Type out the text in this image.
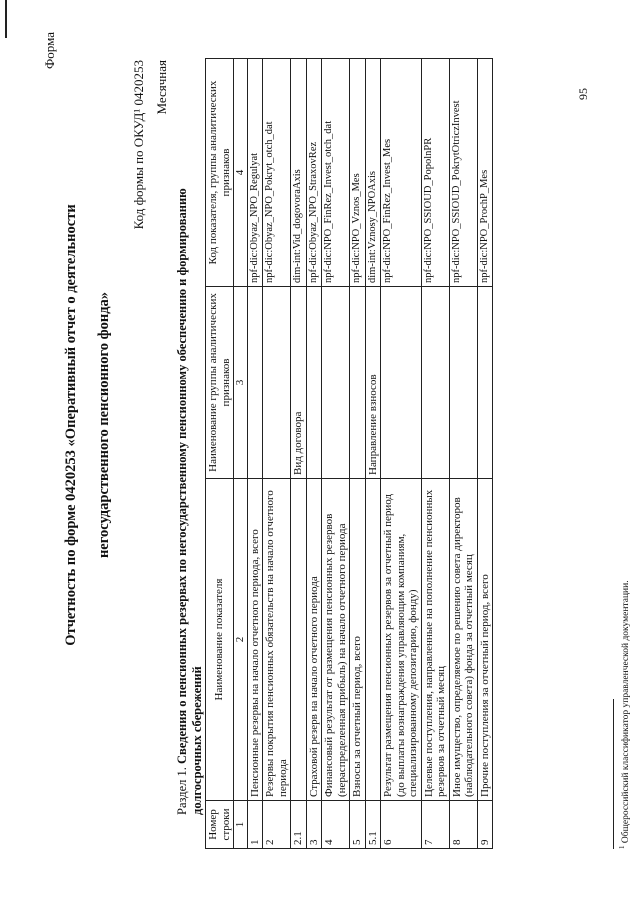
Форма
95
Отчетность по форме 0420253 «Оперативный отчет о деятельности негосударственного пенсионного фонда»
Код формы по ОКУД¹ 0420253 Месячная
Раздел 1. Сведения о пенсионных резервах по негосударственному пенсионному обеспечению и формированию долгосрочных сбережений
Номер строки	Наименование показателя	Наименование группы аналитических признаков	Код показателя, группы аналитических признаков
1	2	3	4
1	Пенсионные резервы на начало отчетного периода, всего		npf-dic:Obyaz_NPO_Regulyat

2	Резервы покрытия пенсионных обязательств на начало отчетного периода		npf-dic:Obyaz_NPO_Pokryt_otch_dat

2.1		Вид договора	dim-int:Vid_dogovoraAxis

3	Страховой резерв на начало отчетного периода		npf-dic:Obyaz_NPO_StraxovRez

4	Финансовый результат от размещения пенсионных резервов (нераспределенная прибыль) на начало отчетного периода		npf-dic:NPO_FinRez_Invest_otch_dat

5	Взносы за отчетный период, всего		npf-dic:NPO_Vznos_Mes

5.1		Направление взносов	dim-int:Vznosy_NPOAxis

6	Результат размещения пенсионных резервов за отчетный период (до выплаты вознаграждения управляющим компаниям, специализированному депозитарию, фонду)		npf-dic:NPO_FinRez_Invest_Mes

7	Целевые поступления, направленные на пополнение пенсионных резервов за отчетный месяц		npf-dic:NPO_SSIOUD_PopolnPR

8	Иное имущество, определяемое по решению совета директоров (наблюдательного совета) фонда за отчетный месяц		npf-dic:NPO_SSIOUD_PokrytOtriczInvest

9	Прочие поступления за отчетный период, всего		npf-dic:NPO_ProchP_Mes
$^1$ Общероссийский классификатор управленческой документации.
